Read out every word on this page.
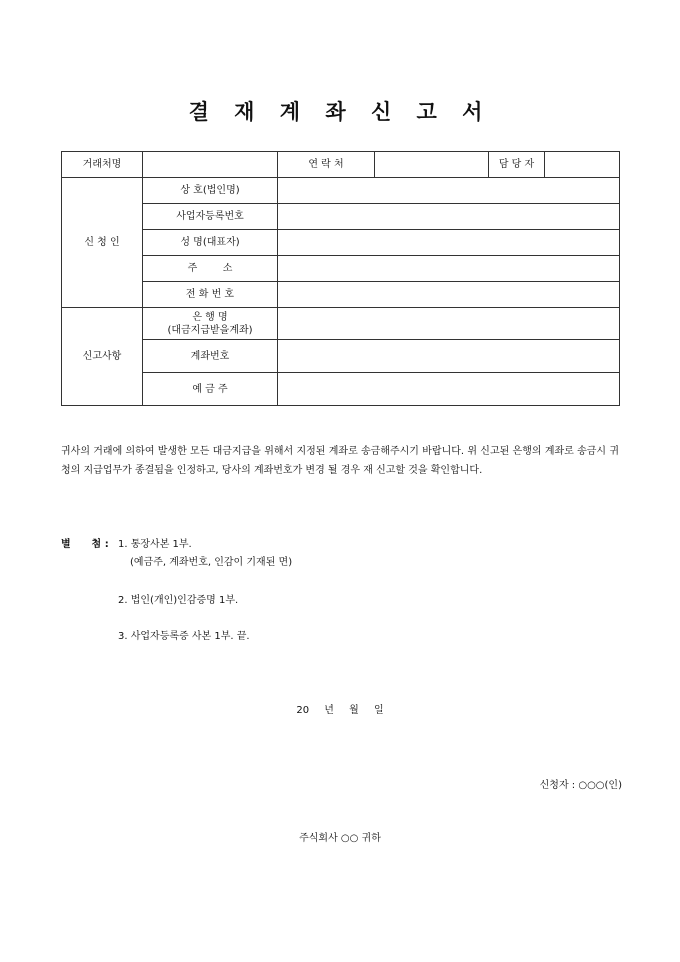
결 재 계 좌 신 고 서
거래처명		연 락 처		담 당 자	
신 청 인	상 호(법인명)				
	사업자등록번호				
	성 명(대표자)				
	주        소				
	전 화 번 호				
신고사항	은 행 명
(대금지급받을계좌)				

	계좌번호				
	예 금 주				
귀사의 거래에 의하여 발생한 모든 대금지급을 위해서 지정된 계좌로 송금해주시기 바랍니다. 위 신고된 은행의 계좌로 송금시 귀청의 지급업무가 종결됨을 인정하고, 당사의 계좌번호가 변경 될 경우 재 신고할 것을 확인합니다.
별      첨 : 1. 통장사본 1부.
(예금주, 계좌번호, 인감이 기재된 면)
2. 법인(개인)인감증명 1부.
3. 사업자등록증 사본 1부. 끝.
20 년 월 일
신청자 : ○○○(인)
주식회사 ○○ 귀하
